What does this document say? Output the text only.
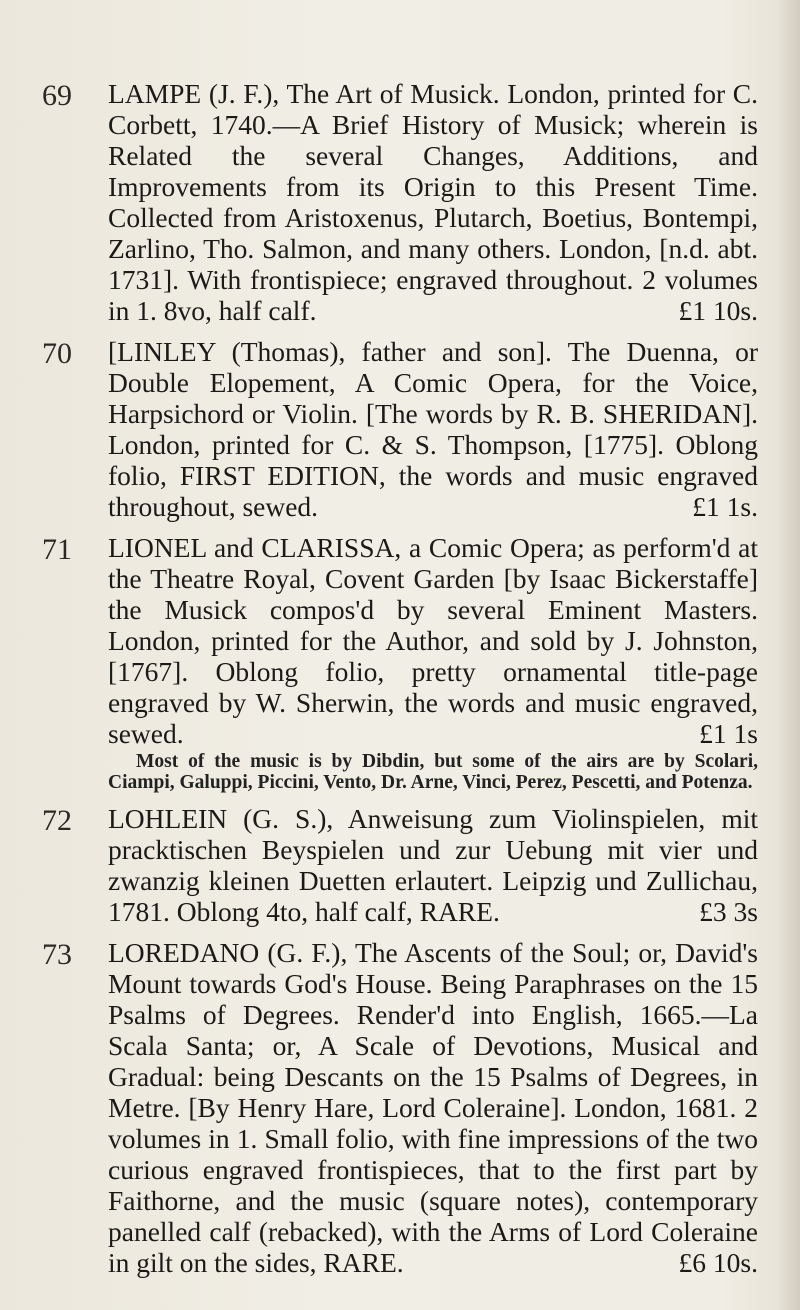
69 LAMPE (J. F.), The Art of Musick. London, printed for C. Corbett, 1740.—A Brief History of Musick; wherein is Related the several Changes, Additions, and Improvements from its Origin to this Present Time. Collected from Aristoxenus, Plutarch, Boetius, Bontempi, Zarlino, Tho. Salmon, and many others. London, [n.d. abt. 1731]. With frontispiece; engraved throughout. 2 volumes in 1. 8vo, half calf.	£1 10s.
70 [LINLEY (Thomas), father and son]. The Duenna, or Double Elopement, A Comic Opera, for the Voice, Harpsichord or Violin. [The words by R. B. SHERIDAN]. London, printed for C. & S. Thompson, [1775]. Oblong folio, FIRST EDITION, the words and music engraved throughout, sewed.	£1 1s.
71 LIONEL and CLARISSA, a Comic Opera; as perform'd at the Theatre Royal, Covent Garden [by Isaac Bickerstaffe] the Musick compos'd by several Eminent Masters. London, printed for the Author, and sold by J. Johnston, [1767]. Oblong folio, pretty ornamental title-page engraved by W. Sherwin, the words and music engraved, sewed.	£1 1s
Most of the music is by Dibdin, but some of the airs are by Scolari, Ciampi, Galuppi, Piccini, Vento, Dr. Arne, Vinci, Perez, Pescetti, and Potenza.
72 LOHLEIN (G. S.), Anweisung zum Violinspielen, mit pracktischen Beyspielen und zur Uebung mit vier und zwanzig kleinen Duetten erlautert. Leipzig und Zullichau, 1781. Oblong 4to, half calf, RARE.	£3 3s
73 LOREDANO (G. F.), The Ascents of the Soul; or, David's Mount towards God's House. Being Paraphrases on the 15 Psalms of Degrees. Render'd into English, 1665.—La Scala Santa; or, A Scale of Devotions, Musical and Gradual: being Descants on the 15 Psalms of Degrees, in Metre. [By Henry Hare, Lord Coleraine]. London, 1681. 2 volumes in 1. Small folio, with fine impressions of the two curious engraved frontispieces, that to the first part by Faithorne, and the music (square notes), contemporary panelled calf (rebacked), with the Arms of Lord Coleraine in gilt on the sides, RARE.	£6 10s.
